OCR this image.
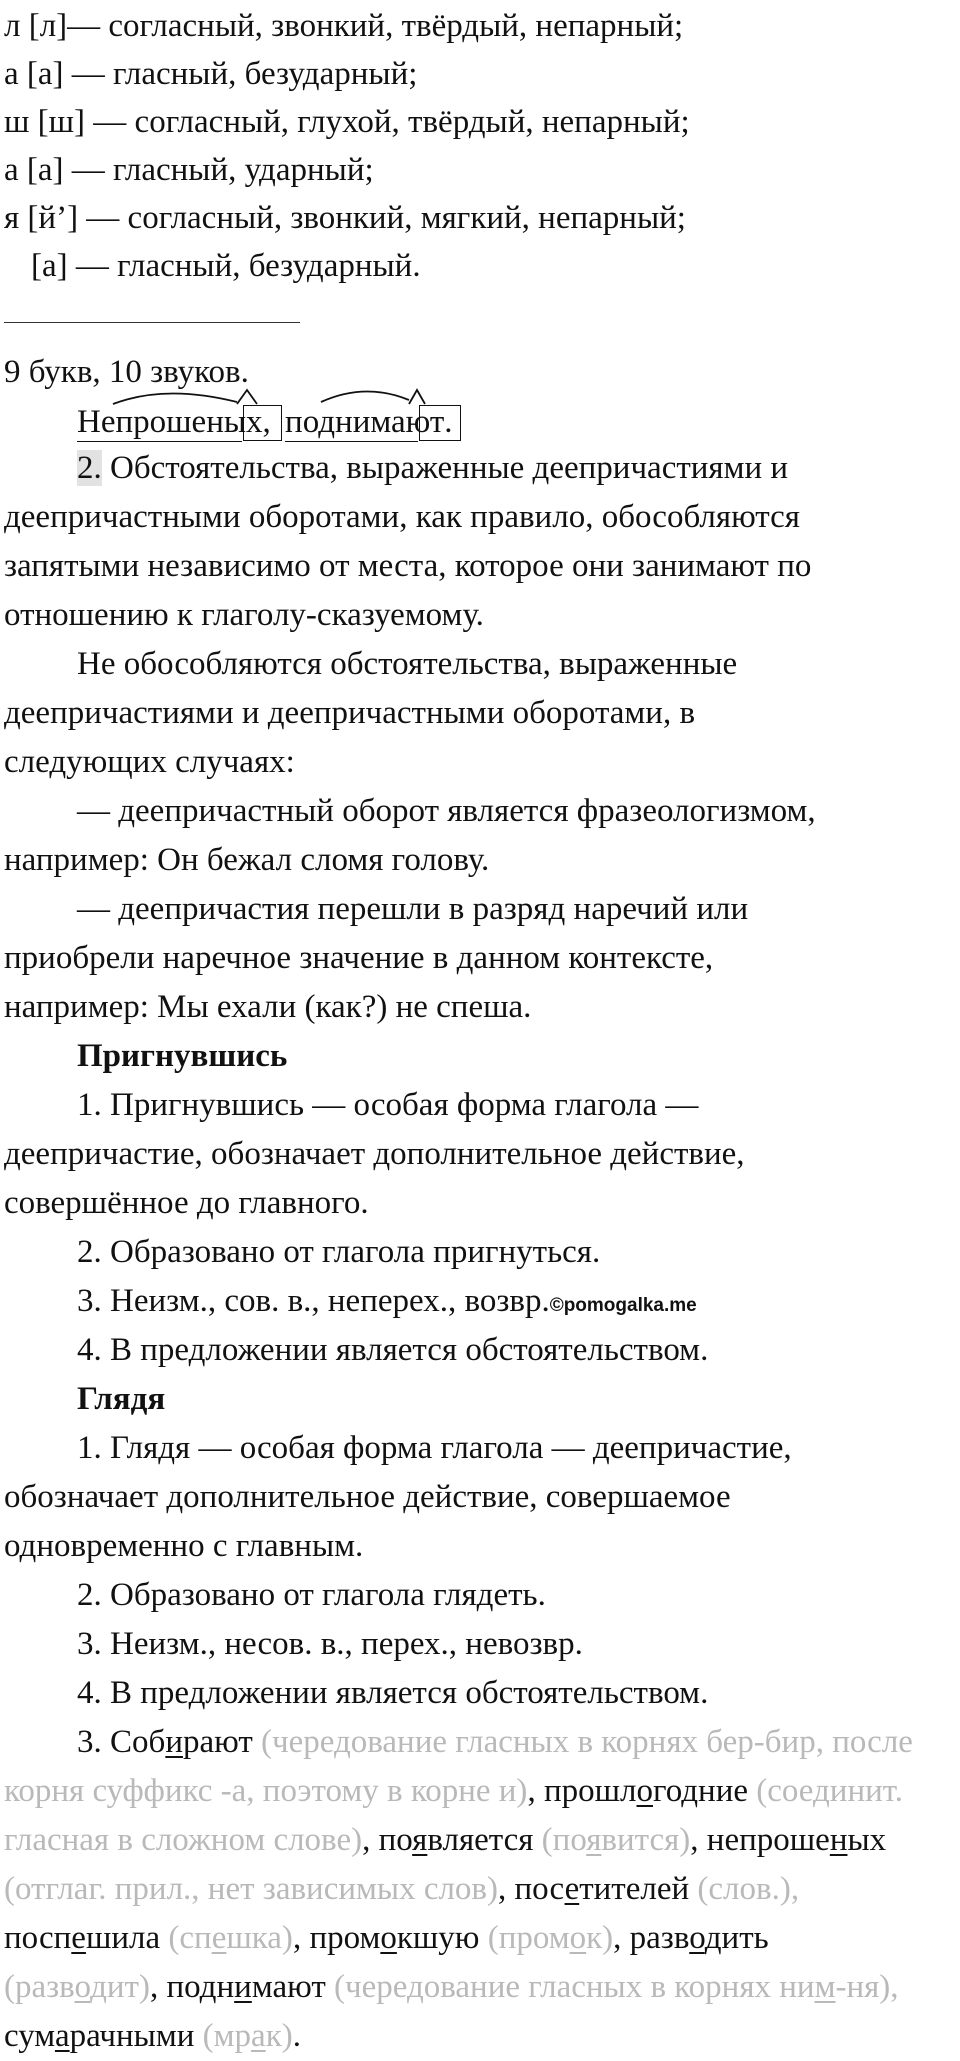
л [л]— согласный, звонкий, твёрдый, непарный;
а [а] — гласный, безударный;
ш [ш] — согласный, глухой, твёрдый, непарный;
а [а] — гласный, ударный;
я [й’] — согласный, звонкий, мягкий, непарный;
[а] — гласный, безударный.
9 букв, 10 звуков.
Непрошеных
, поднимают
.
2. Обстоятельства, выраженные деепричастиями и
деепричастными оборотами, как правило, обособляются
запятыми независимо от места, которое они занимают по
отношению к глаголу-сказуемому.
Не обособляются обстоятельства, выраженные
деепричастиями и деепричастными оборотами, в
следующих случаях:
— деепричастный оборот является фразеологизмом,
например: Он бежал сломя голову.
— деепричастия перешли в разряд наречий или
приобрели наречное значение в данном контексте,
например: Мы ехали (как?) не спеша.
Пригнувшись
1. Пригнувшись — особая форма глагола —
деепричастие, обозначает дополнительное действие,
совершённое до главного.
2. Образовано от глагола пригнуться.
3. Неизм., сов. в., неперех., возвр.©pomogalka.me
4. В предложении является обстоятельством.
Глядя
1. Глядя — особая форма глагола — деепричастие,
обозначает дополнительное действие, совершаемое
одновременно с главным.
2. Образовано от глагола глядеть.
3. Неизм., несов. в., перех., невозвр.
4. В предложении является обстоятельством.
3. Собирают (чередование гласных в корнях бер-бир, после
корня суффикс -а, поэтому в корне и), прошлогодние (соединит.
гласная в сложном слове), появляется (появится), непрошеных
(отглаг. прил., нет зависимых слов), посетителей (слов.),
поспешила (спешка), промокшую (промок), разводить
(разводит), поднимают (чередование гласных в корнях ним-ня),
сумарачными (мрак).
